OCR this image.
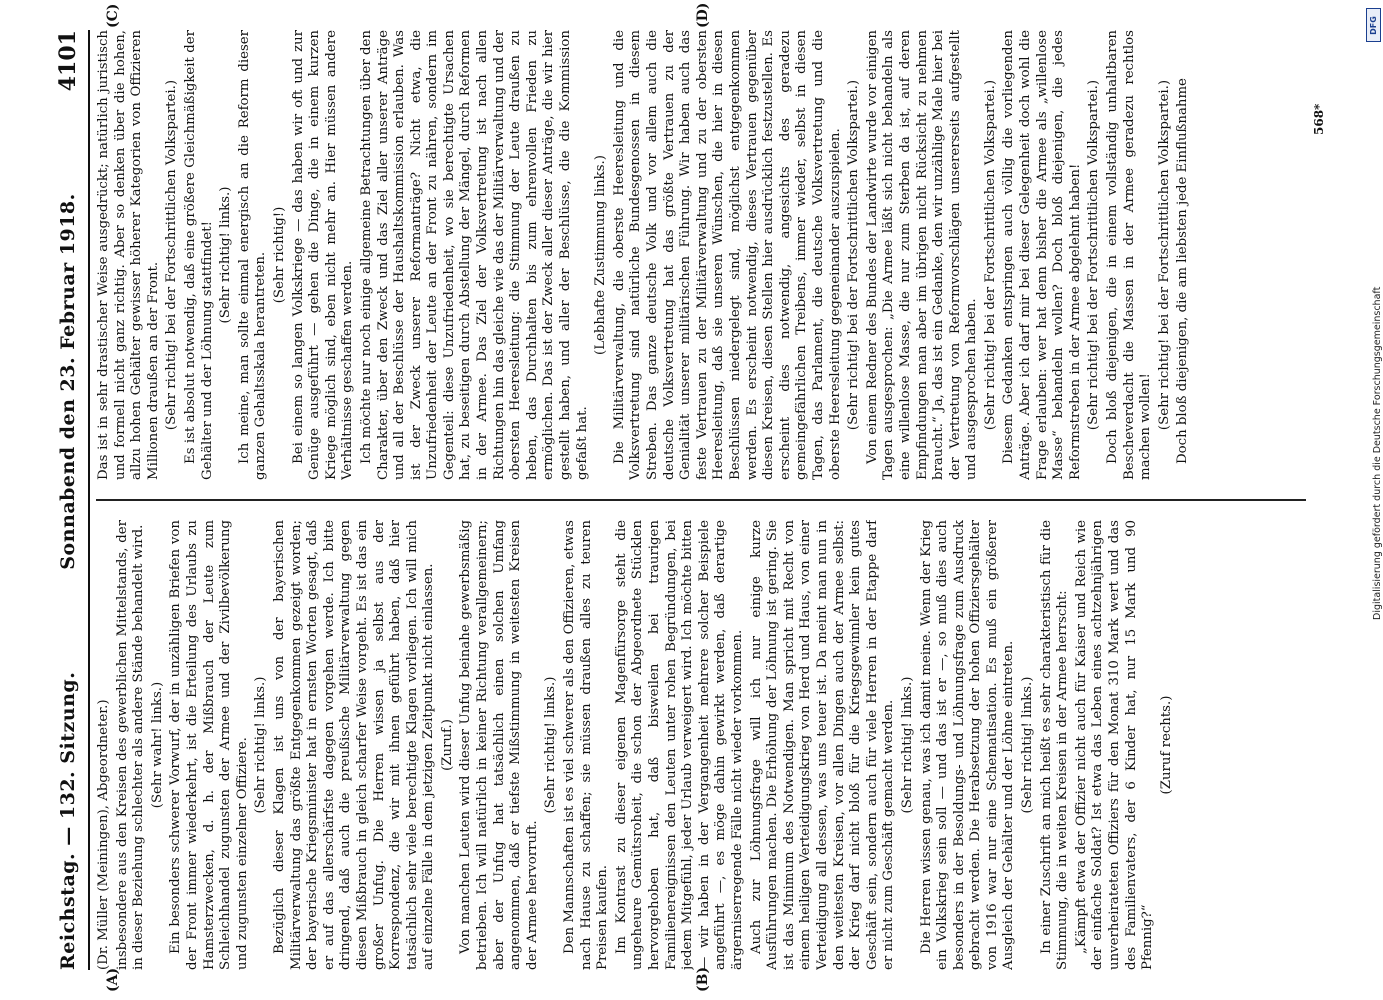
Reichstag. — 132. Sitzung.
Sonnabend den 23. Februar 1918.
4101
(A)	(B)
(C)	(D)

(Dr. Müller (Meiningen), Abgeordneter.) insbesondere aus den Kreisen des gewerblichen Mittelstands, der in dieser Beziehung schlechter als andere Stände behandelt wird. (Sehr wahr! links.) Ein besonders schwerer Vorwurf, der in unzähligen Briefen von der Front immer wiederkehrt, ist die Erteilung des Urlaubs zu Hamsterzwecken, d. h. der Mißbrauch der Leute zum Schleichhandel zugunsten der Armee und der Zivilbevölkerung und zugunsten einzelner Offiziere. (Sehr richtig! links.) Bezüglich dieser Klagen ist uns von der bayerischen Militärverwaltung das größte Entgegenkommen gezeigt worden; der bayerische Kriegsminister hat in ernsten Worten gesagt, daß er auf das allerschärfste dagegen vorgehen werde. Ich bitte dringend, daß auch die preußische Militärverwaltung gegen diesen Mißbrauch in gleich scharfer Weise vorgeht. Es ist das ein großer Unfug. Die Herren wissen ja selbst aus der Korrespondenz, die wir mit ihnen geführt haben, daß hier tatsächlich sehr viele berechtigte Klagen vorliegen. Ich will mich auf einzelne Fälle in dem jetzigen Zeitpunkt nicht einlassen. (Zuruf.) Von manchen Leuten wird dieser Unfug beinahe gewerbsmäßig betrieben. Ich will natürlich in keiner Richtung verallgemeinern; aber der Unfug hat tatsächlich einen solchen Umfang angenommen, daß er tiefste Mißstimmung in weitesten Kreisen der Armee hervorruft.

(Sehr richtig! links.) Den Mannschaften ist es viel schwerer als den Offizieren, etwas nach Hause zu schaffen; sie müssen draußen alles zu teuren Preisen kaufen. Im Kontrast zu dieser eigenen Magenfürsorge steht die ungeheure Gemütsroheit, die schon der Abgeordnete Stücklen hervorgehoben hat, daß bisweilen bei traurigen Familienereignissen den Leuten unter rohen Begründungen, bei jedem Mitgefühl, jeder Urlaub verweigert wird. Ich möchte bitten — wir haben in der Vergangenheit mehrere solcher Beispiele angeführt —, es möge dahin gewirkt werden, daß derartige ärgerniserregende Fälle nicht wieder vorkommen. Auch zur Löhnungsfrage will ich nur einige kurze Ausführungen machen. Die Erhöhung der Löhnung ist gering. Sie ist das Minimum des Notwendigen. Man spricht mit Recht von einem heiligen Verteidigungskrieg von Herd und Haus, von einer Verteidigung all dessen, was uns teuer ist. Da meint man nun in den weitesten Kreisen, vor allen Dingen auch der Armee selbst: der Krieg darf nicht bloß für die Kriegsgewinnler kein gutes Geschäft sein, sondern auch für viele Herren in der Etappe darf er nicht zum Geschäft gemacht werden. (Sehr richtig! links.) Die Herren wissen genau, was ich damit meine. Wenn der Krieg ein Volkskrieg sein soll — und das ist er —, so muß dies auch besonders in der Besoldungs- und Löhnungsfrage zum Ausdruck gebracht werden. Die Herabsetzung der hohen Offiziersgehälter von 1916 war nur eine Schematisation. Es muß ein größerer Ausgleich der Gehälter und der Löhne eintreten. (Sehr richtig! links.) In einer Zuschrift an mich heißt es sehr charakteristisch für die Stimmung, die in weiten Kreisen in der Armee herrscht: „Kämpft etwa der Offizier nicht auch für Kaiser und Reich wie der einfache Soldat? Ist etwa das Leben eines achtzehnjährigen unverheirateten Offiziers für den Monat 310 Mark wert und das des Familienvaters, der 6 Kinder hat, nur 15 Mark und 90 Pfennig?“

(Zuruf rechts.)

Das ist in sehr drastischer Weise ausgedrückt; natürlich juristisch und formell nicht ganz richtig. Aber so denken über die hohen, allzu hohen Gehälter gewisser höherer Kategorien von Offizieren Millionen draußen an der Front. (Sehr richtig! bei der Fortschrittlichen Volkspartei.) Es ist absolut notwendig, daß eine größere Gleichmäßigkeit der Gehälter und der Löhnung stattfindet! (Sehr richtig! links.) Ich meine, man sollte einmal energisch an die Reform dieser ganzen Gehaltsskala herantreten. (Sehr richtig!) Bei einem so langen Volkskriege — das haben wir oft und zur Genüge ausgeführt — gehen die Dinge, die in einem kurzen Kriege möglich sind, eben nicht mehr an. Hier müssen andere Verhältnisse geschaffen werden. Ich möchte nur noch einige allgemeine Betrachtungen über den Charakter, über den Zweck und das Ziel aller unserer Anträge und all der Beschlüsse der Haushaltskommission erlauben. Was ist der Zweck unserer Reformanträge? Nicht etwa, die Unzufriedenheit der Leute an der Front zu nähren, sondern im Gegenteil: diese Unzufriedenheit, wo sie berechtigte Ursachen hat, zu beseitigen durch Abstellung der Mängel, durch Reformen in der Armee. Das Ziel der Volksvertretung ist nach allen Richtungen hin das gleiche wie das der Militärverwaltung und der obersten Heeresleitung: die Stimmung der Leute draußen zu heben, das Durchhalten bis zum ehrenvollen Frieden zu ermöglichen. Das ist der Zweck aller dieser Anträge, die wir hier gestellt haben, und aller der Beschlüsse, die die Kommission gefaßt hat.

(Lebhafte Zustimmung links.) Die Militärverwaltung, die oberste Heeresleitung und die Volksvertretung sind natürliche Bundesgenossen in diesem Streben. Das ganze deutsche Volk und vor allem auch die deutsche Volksvertretung hat das größte Vertrauen zu der Genialität unserer militärischen Führung. Wir haben auch das feste Vertrauen zu der Militärverwaltung und zu der obersten Heeresleitung, daß sie unseren Wünschen, die hier in diesen Beschlüssen niedergelegt sind, möglichst entgegenkommen werden. Es erscheint notwendig, dieses Vertrauen gegenüber diesen Kreisen, diesen Stellen hier ausdrücklich festzustellen. Es erscheint dies notwendig, angesichts des geradezu gemeingefährlichen Treibens, immer wieder, selbst in diesen Tagen, das Parlament, die deutsche Volksvertretung und die oberste Heeresleitung gegeneinander auszuspielen. (Sehr richtig! bei der Fortschrittlichen Volkspartei.) Von einem Redner des Bundes der Landwirte wurde vor einigen Tagen ausgesprochen: „Die Armee läßt sich nicht behandeln als eine willenlose Masse, die nur zum Sterben da ist, auf deren Empfindungen man aber im übrigen nicht Rücksicht zu nehmen braucht.“ Ja, das ist ein Gedanke, den wir unzählige Male hier bei der Vertretung von Reformvorschlägen unsererseits aufgestellt und ausgesprochen haben. (Sehr richtig! bei der Fortschrittlichen Volkspartei.) Diesem Gedanken entspringen auch völlig die vorliegenden Anträge. Aber ich darf mir bei dieser Gelegenheit doch wohl die Frage erlauben: wer hat denn bisher die Armee als „willenlose Masse“ behandeln wollen? Doch bloß diejenigen, die jedes Reformstreben in der Armee abgelehnt haben! (Sehr richtig! bei der Fortschrittlichen Volkspartei.) Doch bloß diejenigen, die in einem vollständig unhaltbaren Bescheverdacht die Massen in der Armee geradezu rechtlos machen wollen! (Sehr richtig! bei der Fortschrittlichen Volkspartei.) Doch bloß diejenigen, die am liebsten jede Einflußnahme	568*
DFG
Digitalisierung gefördert durch die Deutsche Forschungsgemeinschaft
